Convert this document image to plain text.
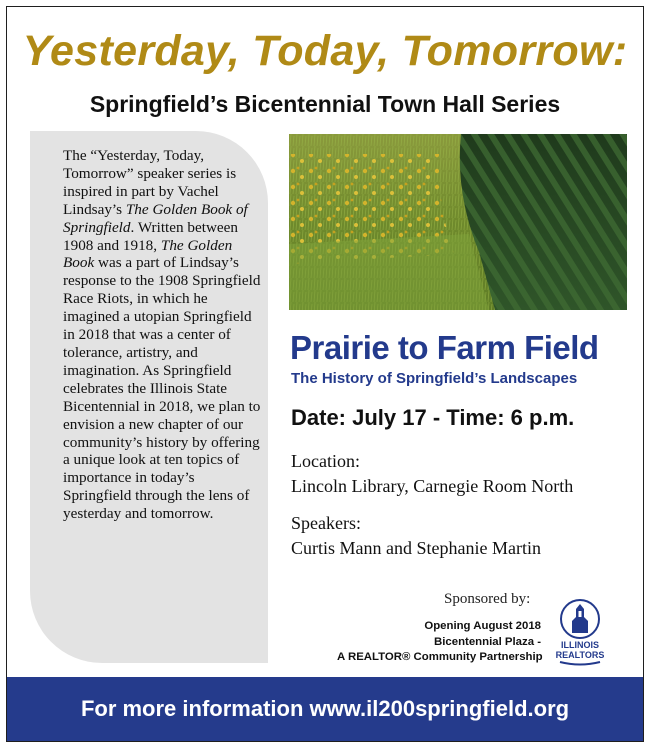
Yesterday, Today, Tomorrow:
Springfield’s Bicentennial Town Hall Series

The “Yesterday, Today, Tomorrow” speaker series is inspired in part by Vachel Lindsay’s The Golden Book of Springfield. Written between 1908 and 1918, The Golden Book was a part of Lindsay’s response to the 1908 Springfield Race Riots, in which he imagined a utopian Springfield in 2018 that was a center of tolerance, artistry, and imagination. As Springfield celebrates the Illinois State Bicentennial in 2018, we plan to envision a new chapter of our community’s history by offering a unique look at ten topics of importance in today’s Springfield through the lens of yesterday and tomorrow.

Prairie to Farm Field
The History of Springfield’s Landscapes
Date: July 17 - Time: 6 p.m.
Location:
Lincoln Library, Carnegie Room North
Speakers:
Curtis Mann and Stephanie Martin
Sponsored by:
Opening August 2018
Bicentennial Plaza -
A REALTOR® Community Partnership
ILLINOIS
REALTORS
For more information www.il200springfield.org
